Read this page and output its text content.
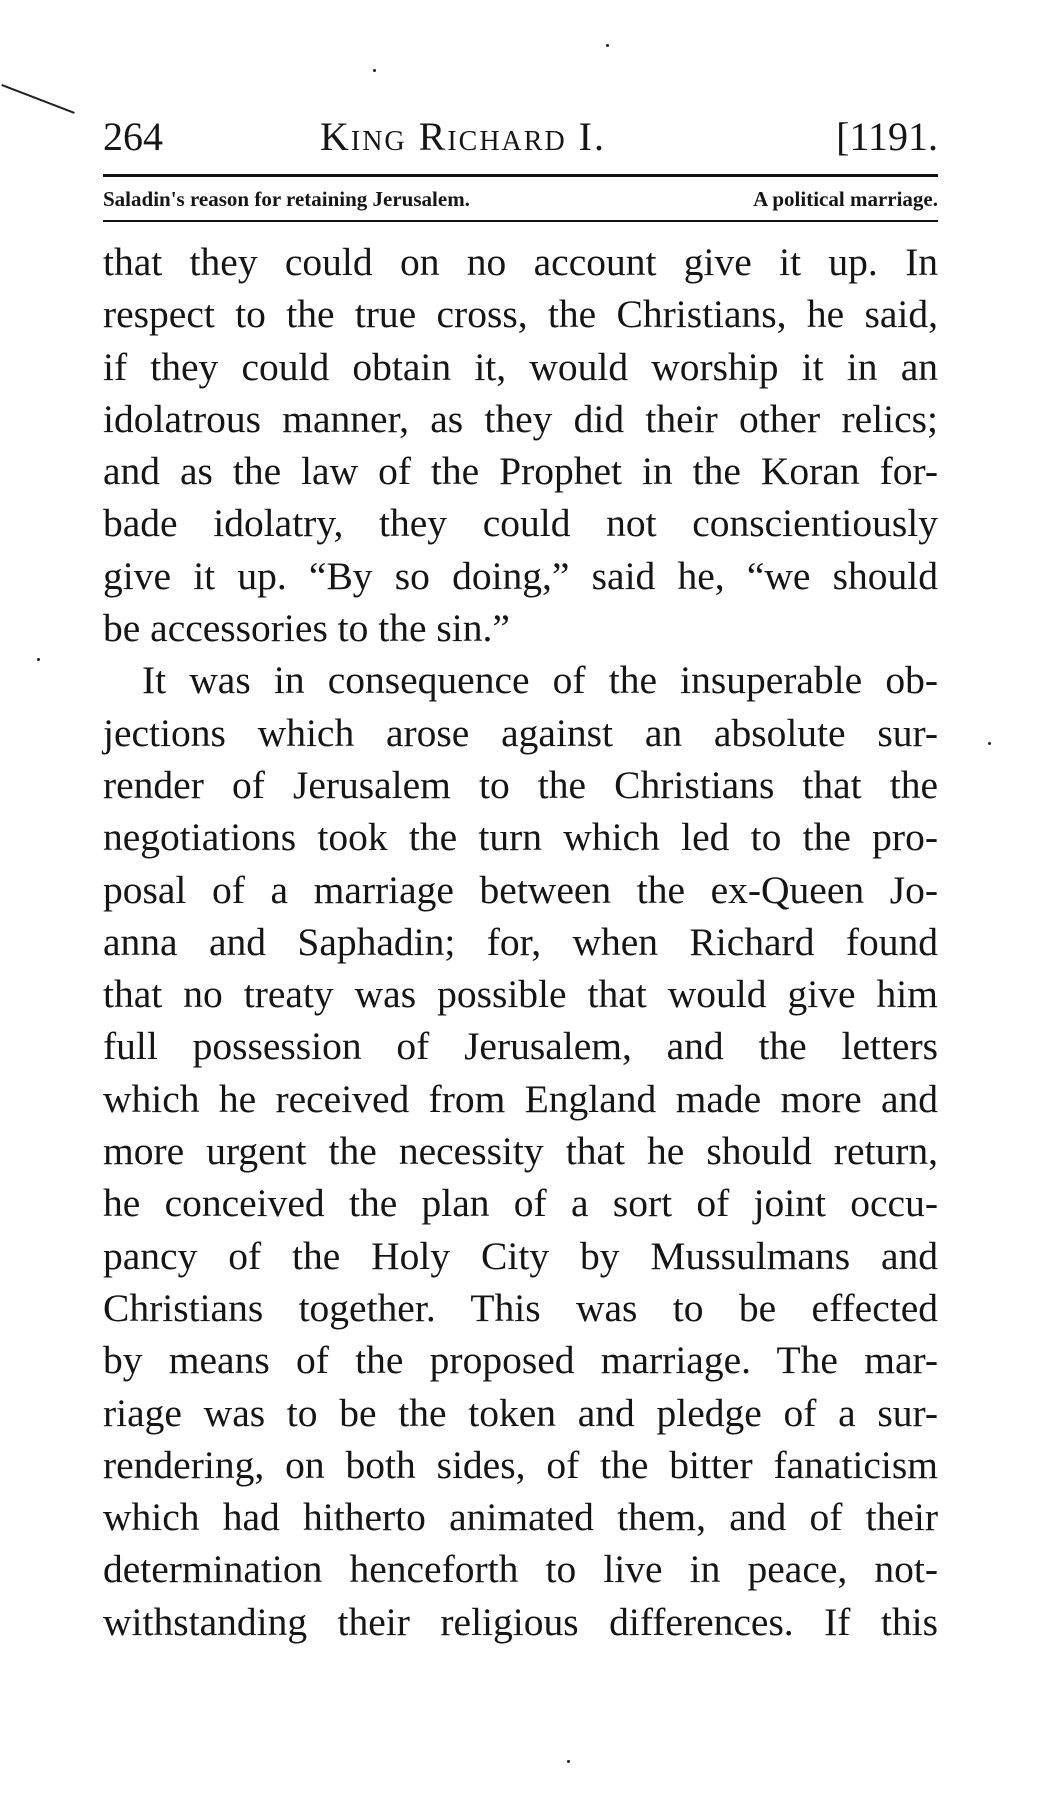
264	King Richard I.	[1191.
Saladin's reason for retaining Jerusalem.	A political marriage.
that they could on no account give it up. In
respect to the true cross, the Christians, he said,
if they could obtain it, would worship it in an
idolatrous manner, as they did their other relics;
and as the law of the Prophet in the Koran for-
bade idolatry, they could not conscientiously
give it up. “By so doing,” said he, “we should
be accessories to the sin.”
It was in consequence of the insuperable ob-
jections which arose against an absolute sur-
render of Jerusalem to the Christians that the
negotiations took the turn which led to the pro-
posal of a marriage between the ex-Queen Jo-
anna and Saphadin; for, when Richard found
that no treaty was possible that would give him
full possession of Jerusalem, and the letters
which he received from England made more and
more urgent the necessity that he should return,
he conceived the plan of a sort of joint occu-
pancy of the Holy City by Mussulmans and
Christians together. This was to be effected
by means of the proposed marriage. The mar-
riage was to be the token and pledge of a sur-
rendering, on both sides, of the bitter fanaticism
which had hitherto animated them, and of their
determination henceforth to live in peace, not-
withstanding their religious differences. If this
